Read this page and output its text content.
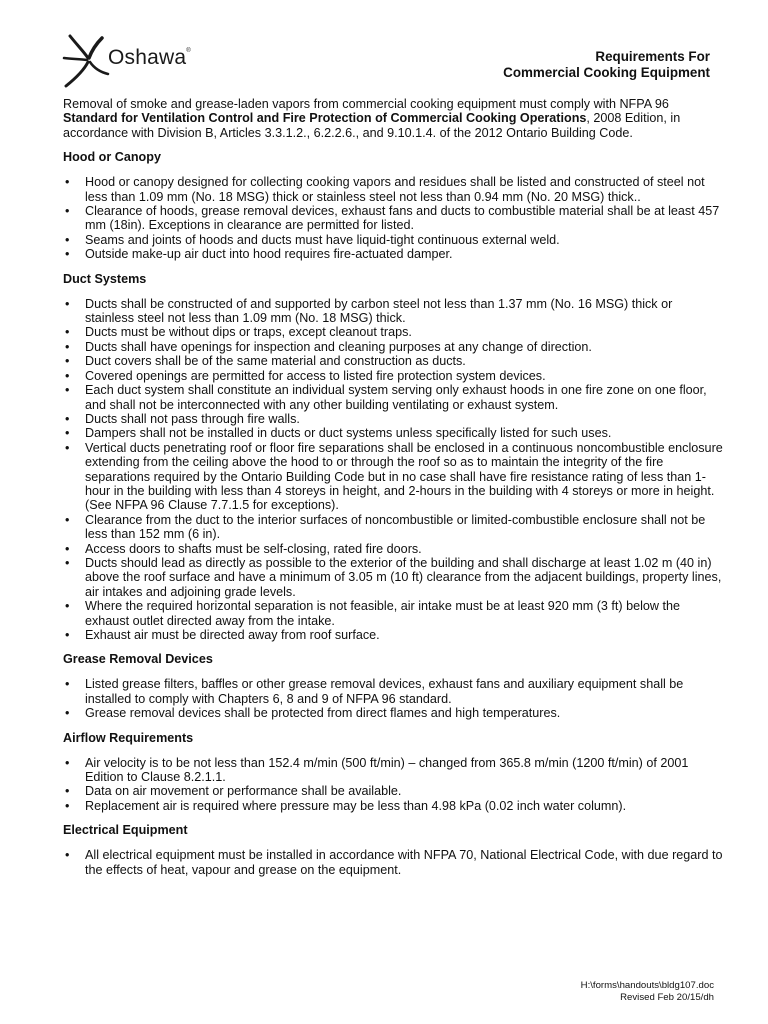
Oshawa®	Requirements For
Commercial Cooking Equipment

Removal of smoke and grease-laden vapors from commercial cooking equipment must comply with NFPA 96 Standard for Ventilation Control and Fire Protection of Commercial Cooking Operations, 2008 Edition, in accordance with Division B, Articles 3.3.1.2., 6.2.2.6., and 9.10.1.4. of the 2012 Ontario Building Code.

Hood or Canopy
• Hood or canopy designed for collecting cooking vapors and residues shall be listed and constructed of steel not less than 1.09 mm (No. 18 MSG) thick or stainless steel not less than 0.94 mm (No. 20 MSG) thick..
• Clearance of hoods, grease removal devices, exhaust fans and ducts to combustible material shall be at least 457 mm (18in). Exceptions in clearance are permitted for listed.
• Seams and joints of hoods and ducts must have liquid-tight continuous external weld.
• Outside make-up air duct into hood requires fire-actuated damper.
Duct Systems
• Ducts shall be constructed of and supported by carbon steel not less than 1.37 mm (No. 16 MSG) thick or stainless steel not less than 1.09 mm (No. 18 MSG) thick.
• Ducts must be without dips or traps, except cleanout traps.
• Ducts shall have openings for inspection and cleaning purposes at any change of direction.
• Duct covers shall be of the same material and construction as ducts.
• Covered openings are permitted for access to listed fire protection system devices.
• Each duct system shall constitute an individual system serving only exhaust hoods in one fire zone on one floor, and shall not be interconnected with any other building ventilating or exhaust system.
• Ducts shall not pass through fire walls.
• Dampers shall not be installed in ducts or duct systems unless specifically listed for such uses.
• Vertical ducts penetrating roof or floor fire separations shall be enclosed in a continuous noncombustible enclosure extending from the ceiling above the hood to or through the roof so as to maintain the integrity of the fire separations required by the Ontario Building Code but in no case shall have fire resistance rating of less than 1-hour in the building with less than 4 storeys in height, and 2-hours in the building with 4 storeys or more in height. (See NFPA 96 Clause 7.7.1.5 for exceptions).
• Clearance from the duct to the interior surfaces of noncombustible or limited-combustible enclosure shall not be less than 152 mm (6 in).
• Access doors to shafts must be self-closing, rated fire doors.
• Ducts should lead as directly as possible to the exterior of the building and shall discharge at least 1.02 m (40 in) above the roof surface and have a minimum of 3.05 m (10 ft) clearance from the adjacent buildings, property lines, air intakes and adjoining grade levels.
• Where the required horizontal separation is not feasible, air intake must be at least 920 mm (3 ft) below the exhaust outlet directed away from the intake.
• Exhaust air must be directed away from roof surface.
Grease Removal Devices
• Listed grease filters, baffles or other grease removal devices, exhaust fans and auxiliary equipment shall be installed to comply with Chapters 6, 8 and 9 of NFPA 96 standard.
• Grease removal devices shall be protected from direct flames and high temperatures.
Airflow Requirements
• Air velocity is to be not less than 152.4 m/min (500 ft/min) – changed from 365.8 m/min (1200 ft/min) of 2001 Edition to Clause 8.2.1.1.
• Data on air movement or performance shall be available.
• Replacement air is required where pressure may be less than 4.98 kPa (0.02 inch water column).
Electrical Equipment
• All electrical equipment must be installed in accordance with NFPA 70, National Electrical Code, with due regard to the effects of heat, vapour and grease on the equipment.
H:\forms\handouts\bldg107.doc
Revised Feb 20/15/dh
